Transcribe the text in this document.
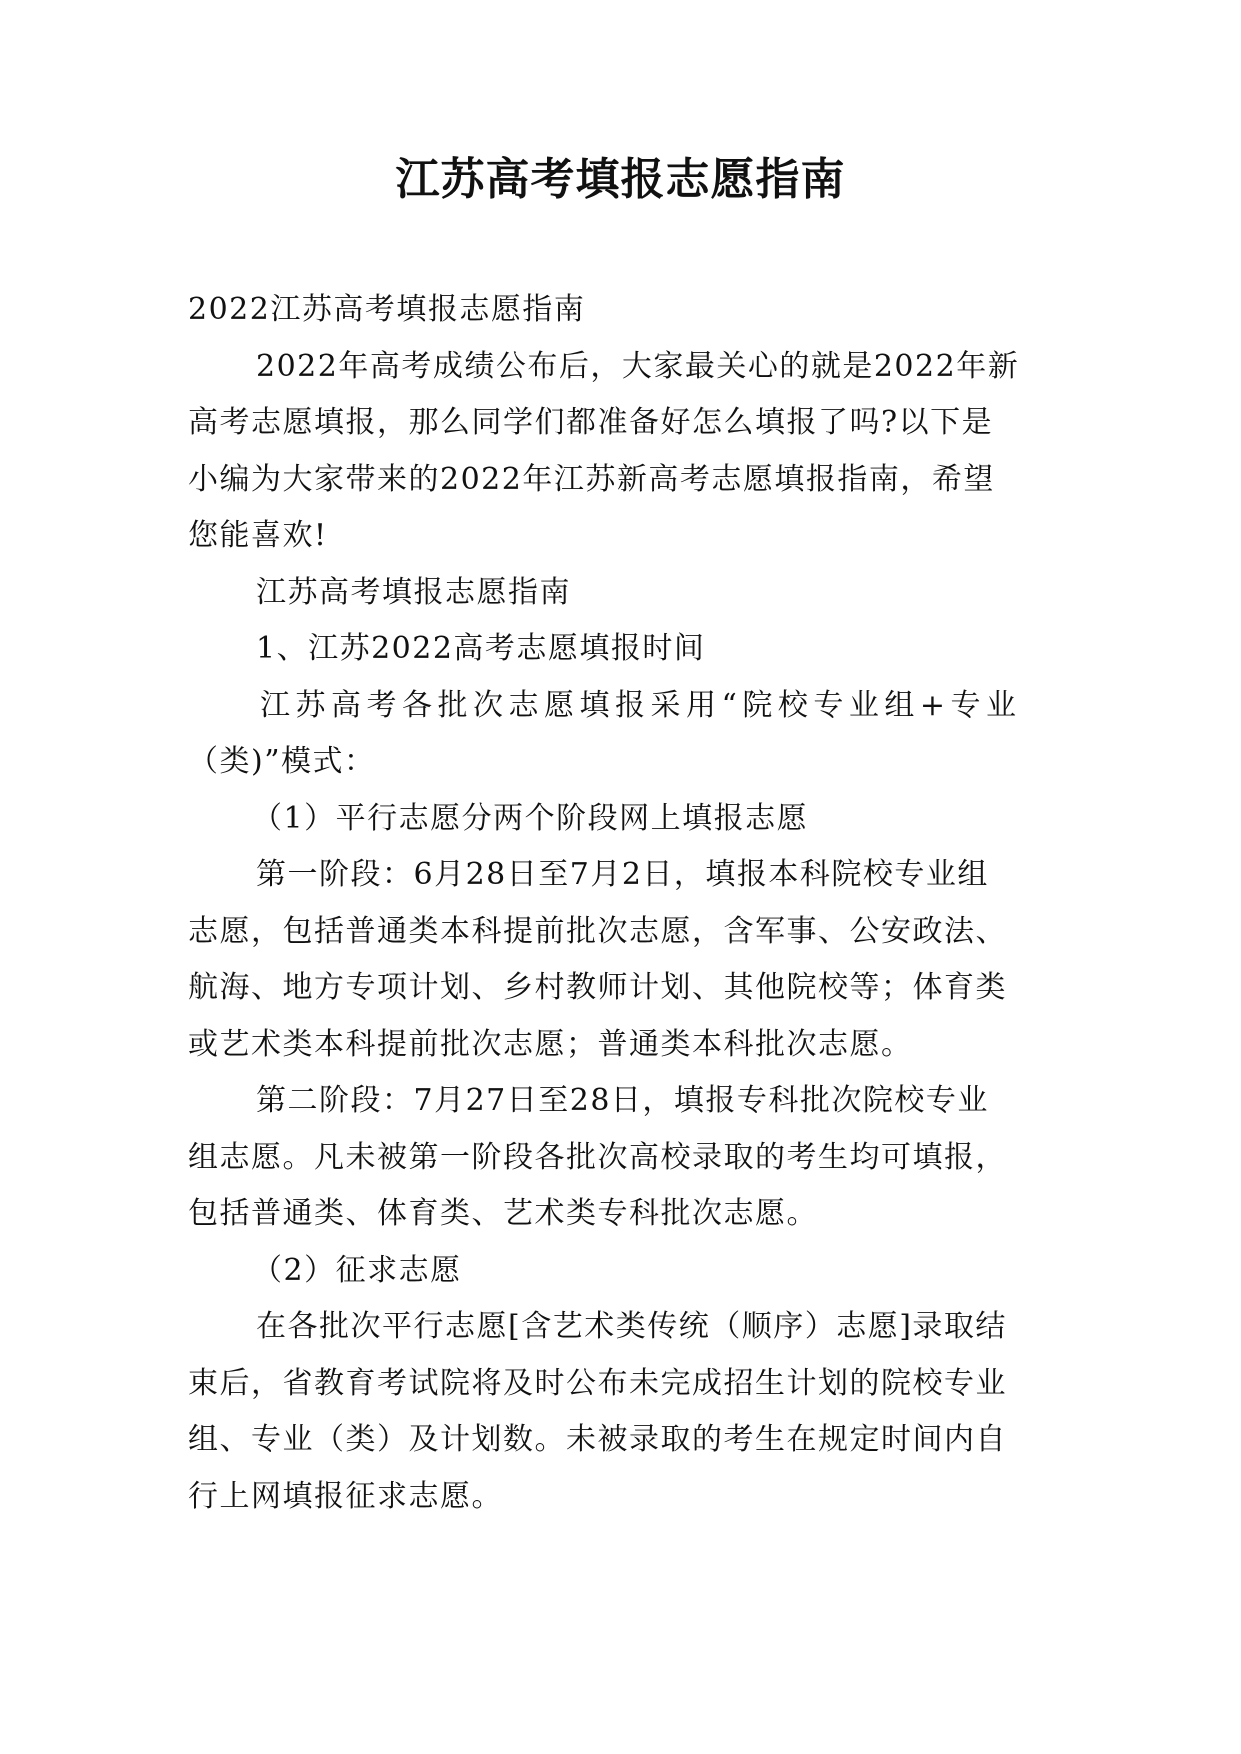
江苏高考填报志愿指南
2022江苏高考填报志愿指南
2022年高考成绩公布后，大家最关心的就是2022年新
高考志愿填报，那么同学们都准备好怎么填报了吗?以下是
小编为大家带来的2022年江苏新高考志愿填报指南，希望
您能喜欢!
江苏高考填报志愿指南
1、江苏2022高考志愿填报时间
江苏高考各批次志愿填报采用“院校专业组+专业
（类)”模式：
（1）平行志愿分两个阶段网上填报志愿
第一阶段：6月28日至7月2日，填报本科院校专业组
志愿，包括普通类本科提前批次志愿，含军事、公安政法、
航海、地方专项计划、乡村教师计划、其他院校等；体育类
或艺术类本科提前批次志愿；普通类本科批次志愿。
第二阶段：7月27日至28日，填报专科批次院校专业
组志愿。凡未被第一阶段各批次高校录取的考生均可填报，
包括普通类、体育类、艺术类专科批次志愿。
（2）征求志愿
在各批次平行志愿[含艺术类传统（顺序）志愿]录取结
束后，省教育考试院将及时公布未完成招生计划的院校专业
组、专业（类）及计划数。未被录取的考生在规定时间内自
行上网填报征求志愿。
